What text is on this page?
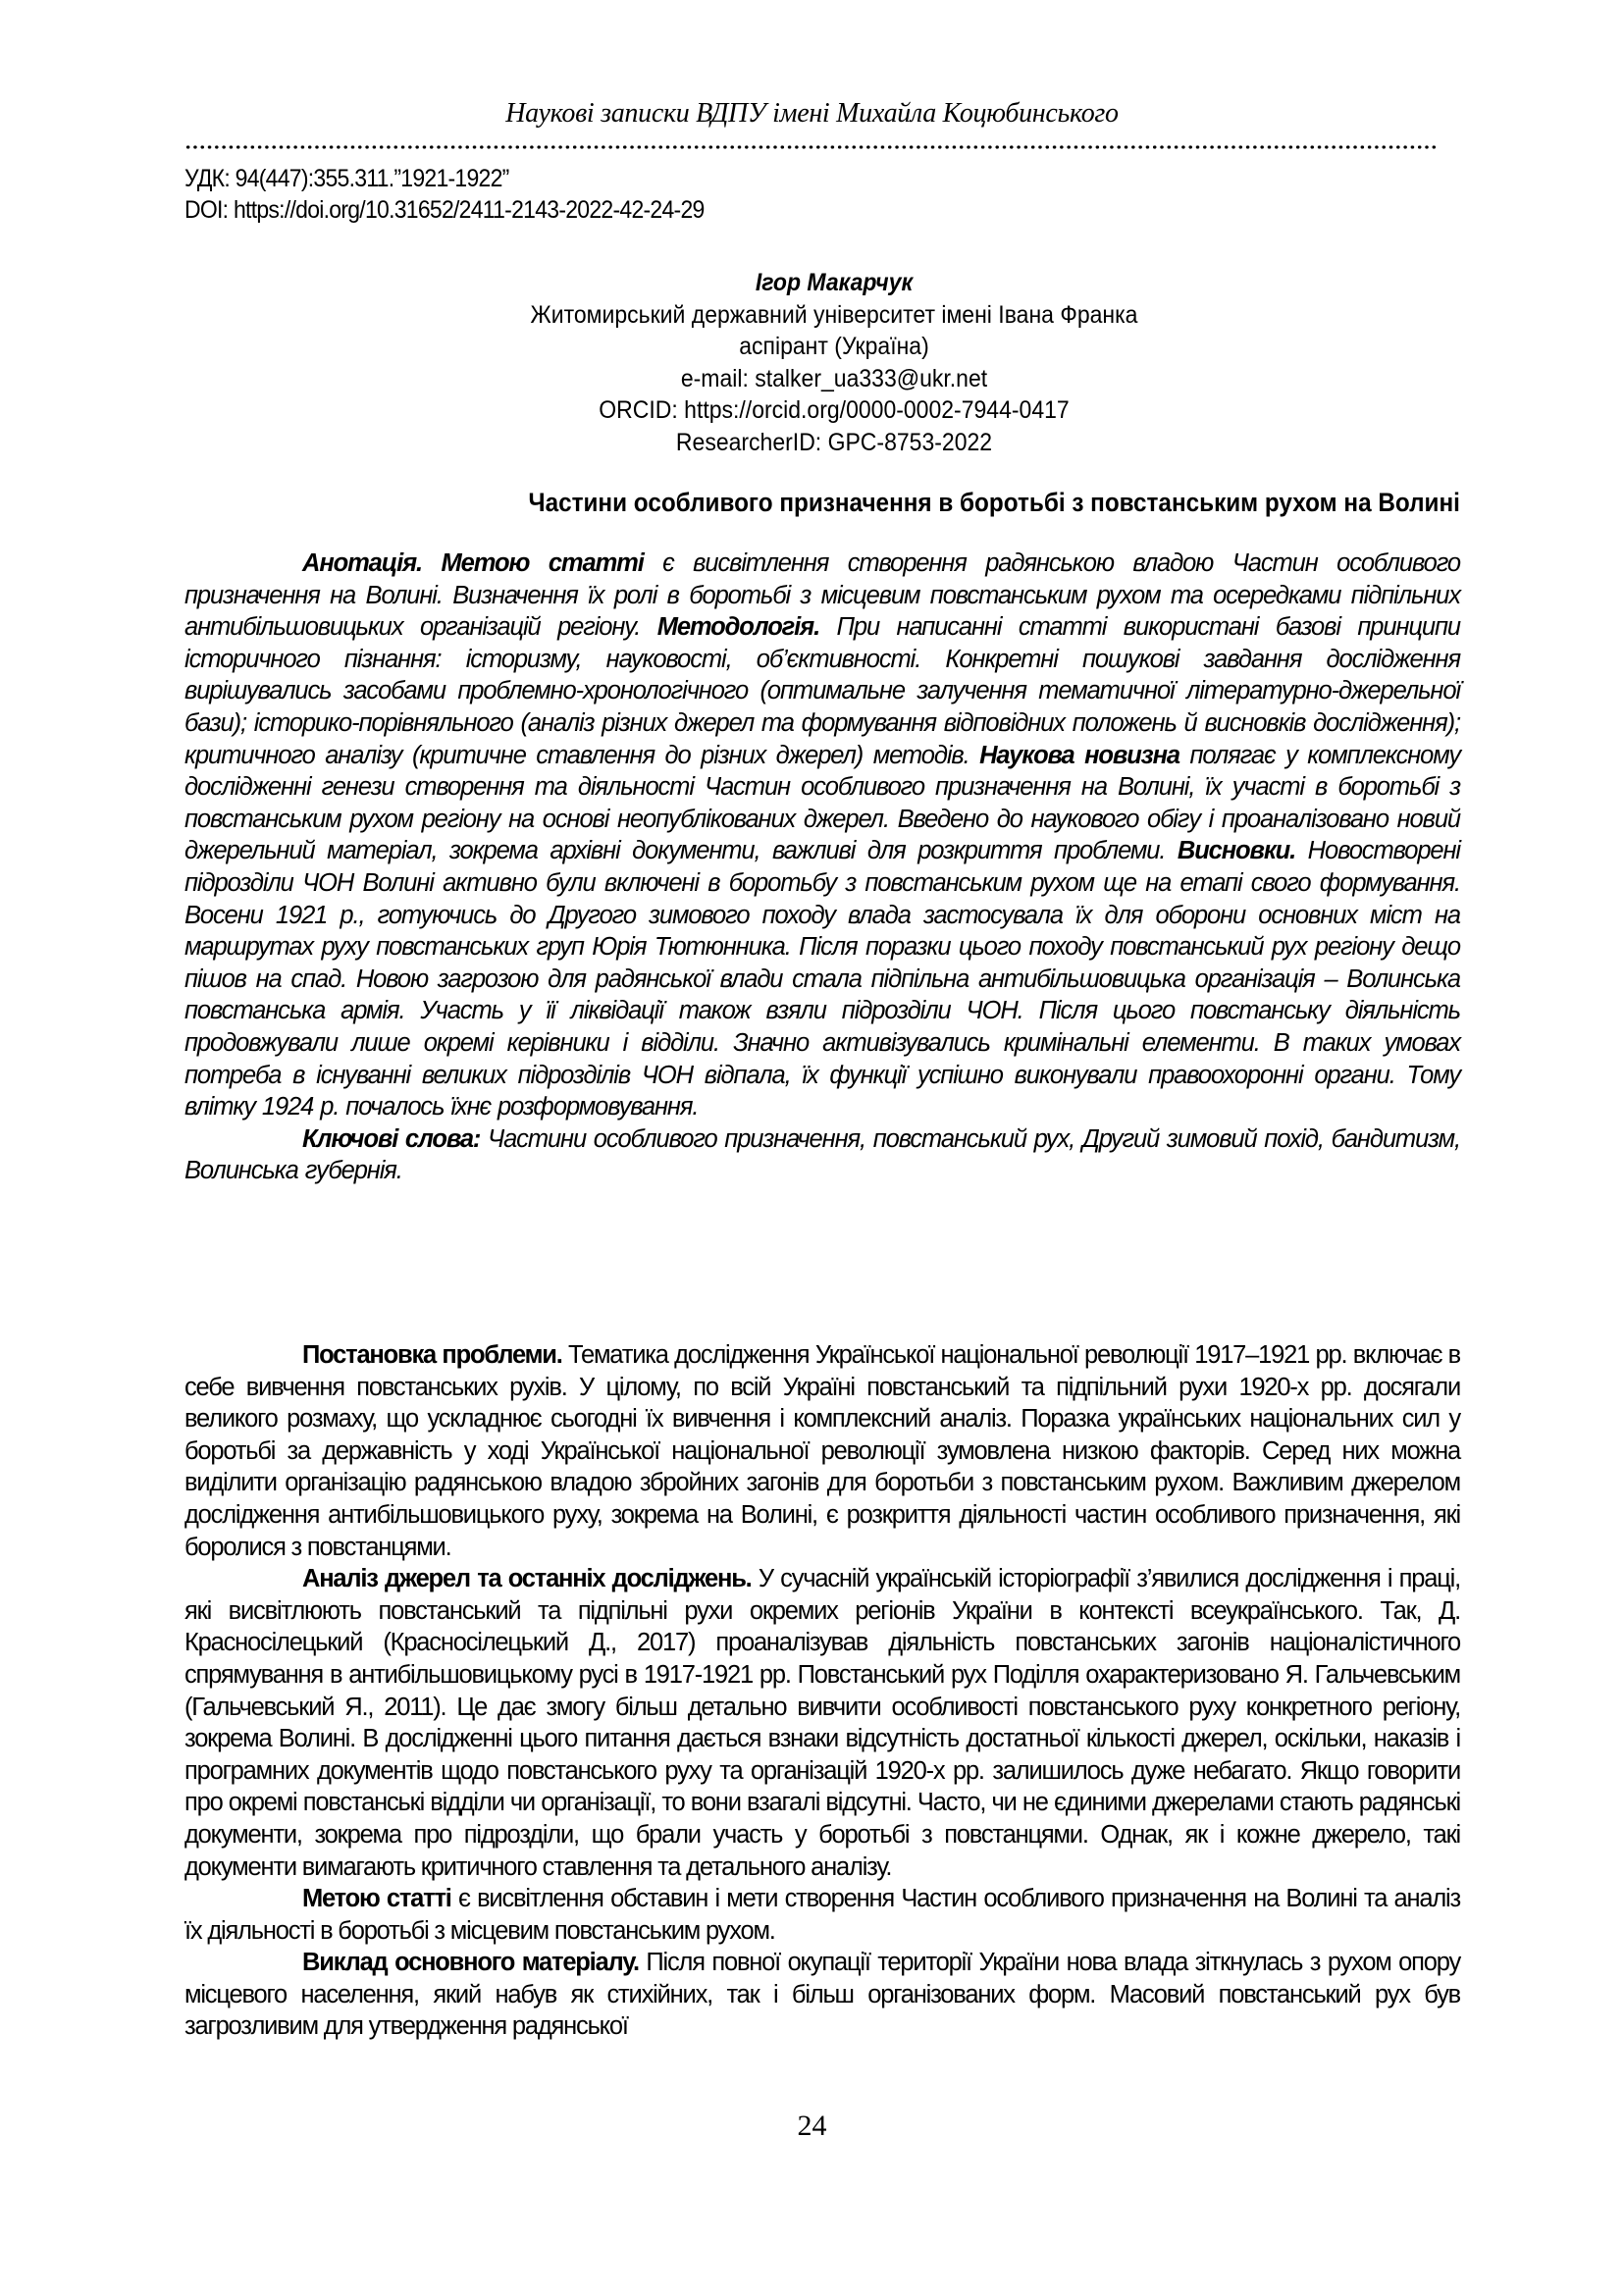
Наукові записки ВДПУ імені Михайла Коцюбинського
УДК: 94(447):355.311.”1921-1922”
DOI: https://doi.org/10.31652/2411-2143-2022-42-24-29
Ігор Макарчук
Житомирський державний університет імені Івана Франка
аспірант (Україна)
e-mail: stalker_ua333@ukr.net
ORCID: https://orcid.org/0000-0002-7944-0417
ResearcherID: GPC-8753-2022
Частини особливого призначення в боротьбі з повстанським рухом на Волині

Анотація. Метою статті є висвітлення створення радянською владою Частин особливого призначення на Волині. Визначення їх ролі в боротьбі з місцевим повстанським рухом та осередками підпільних антибільшовицьких організацій регіону. Методологія. При написанні статті використані базові принципи історичного пізнання: історизму, науковості, об’єктивності. Конкретні пошукові завдання дослідження вирішувались засобами проблемно-хронологічного (оптимальне залучення тематичної літературно-джерельної бази); історико-порівняльного (аналіз різних джерел та формування відповідних положень й висновків дослідження); критичного аналізу (критичне ставлення до різних джерел) методів. Наукова новизна полягає у комплексному дослідженні генези створення та діяльності Частин особливого призначення на Волині, їх участі в боротьбі з повстанським рухом регіону на основі неопублікованих джерел. Введено до наукового обігу і проаналізовано новий джерельний матеріал, зокрема архівні документи, важливі для розкриття проблеми. Висновки. Новостворені підрозділи ЧОН Волині активно були включені в боротьбу з повстанським рухом ще на етапі свого формування. Восени 1921 р., готуючись до Другого зимового походу влада застосувала їх для оборони основних міст на маршрутах руху повстанських груп Юрія Тютюнника. Після поразки цього походу повстанський рух регіону дещо пішов на спад. Новою загрозою для радянської влади стала підпільна антибільшовицька організація – Волинська повстанська армія. Участь у її ліквідації також взяли підрозділи ЧОН. Після цього повстанську діяльність продовжували лише окремі керівники і відділи. Значно активізувались кримінальні елементи. В таких умовах потреба в існуванні великих підрозділів ЧОН відпала, їх функції успішно виконували правоохоронні органи. Тому влітку 1924 р. почалось їхнє розформовування.

Ключові слова: Частини особливого призначення, повстанський рух, Другий зимовий похід, бандитизм, Волинська губернія.

Постановка проблеми. Тематика дослідження Української національної революції 1917–1921 рр. включає в себе вивчення повстанських рухів. У цілому, по всій Україні повстанський та підпільний рухи 1920-х рр. досягали великого розмаху, що ускладнює сьогодні їх вивчення і комплексний аналіз. Поразка українських національних сил у боротьбі за державність у ході Української національної революції зумовлена низкою факторів. Серед них можна виділити організацію радянською владою збройних загонів для боротьби з повстанським рухом. Важливим джерелом дослідження антибільшовицького руху, зокрема на Волині, є розкриття діяльності частин особливого призначення, які боролися з повстанцями.

Аналіз джерел та останніх досліджень. У сучасній українській історіографії з’явилися дослідження і праці, які висвітлюють повстанський та підпільні рухи окремих регіонів України в контексті всеукраїнського. Так, Д. Красносілецький (Красносілецький Д., 2017) проаналізував діяльність повстанських загонів націоналістичного спрямування в антибільшовицькому русі в 1917-1921 рр. Повстанський рух Поділля охарактеризовано Я. Гальчевським (Гальчевський Я., 2011). Це дає змогу більш детально вивчити особливості повстанського руху конкретного регіону, зокрема Волині. В дослідженні цього питання дається взнаки відсутність достатньої кількості джерел, оскільки, наказів і програмних документів щодо повстанського руху та організацій 1920-х рр. залишилось дуже небагато. Якщо говорити про окремі повстанські відділи чи організації, то вони взагалі відсутні. Часто, чи не єдиними джерелами стають радянські документи, зокрема про підрозділи, що брали участь у боротьбі з повстанцями. Однак, як і кожне джерело, такі документи вимагають критичного ставлення та детального аналізу.

Метою статті є висвітлення обставин і мети створення Частин особливого призначення на Волині та аналіз їх діяльності в боротьбі з місцевим повстанським рухом.

Виклад основного матеріалу. Після повної окупації території України нова влада зіткнулась з рухом опору місцевого населення, який набув як стихійних, так і більш організованих форм. Масовий повстанський рух був загрозливим для утвердження радянської

24
